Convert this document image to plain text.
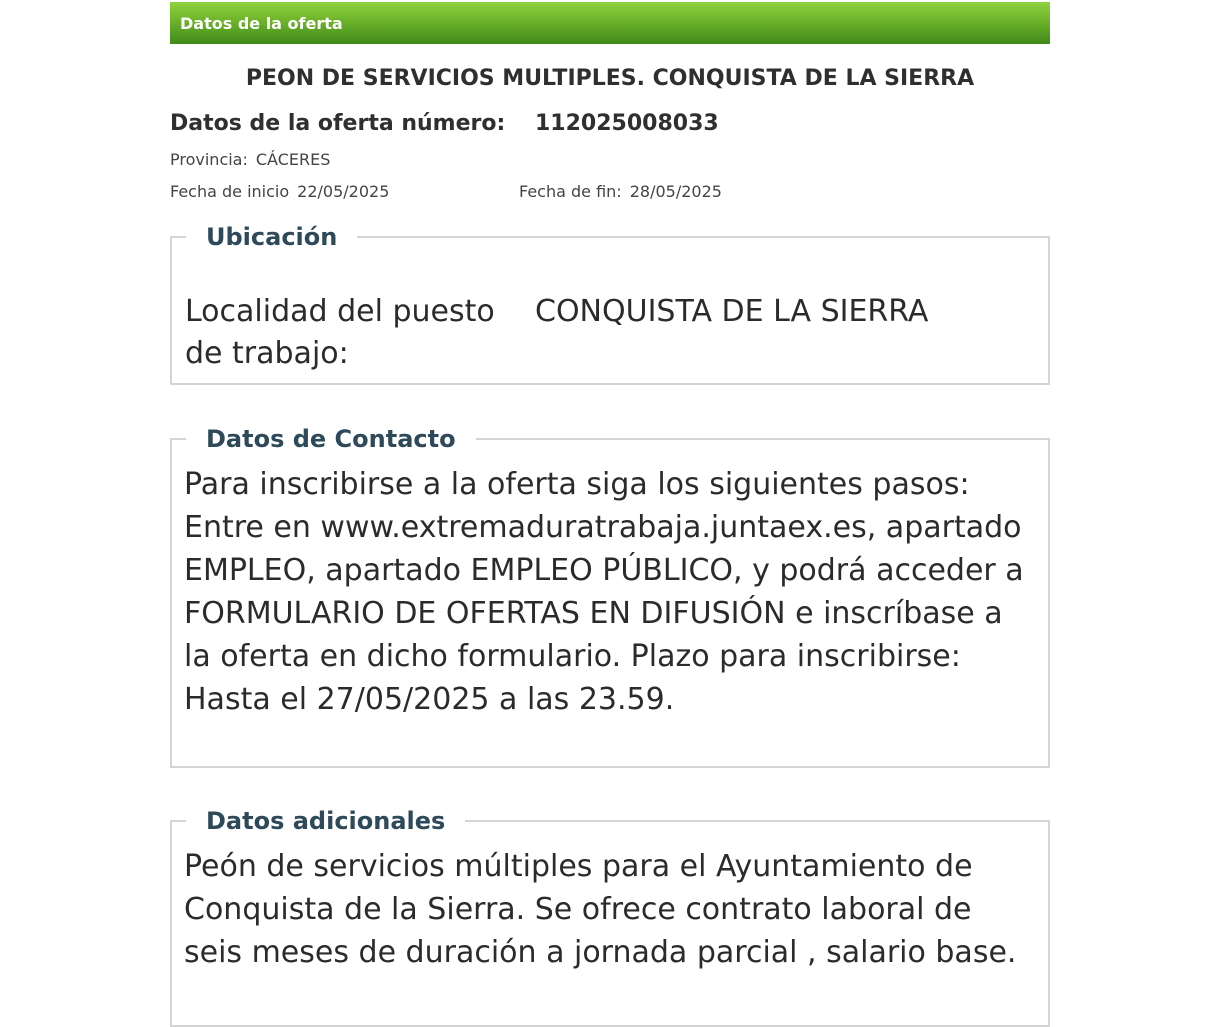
Datos de la oferta
PEON DE SERVICIOS MULTIPLES. CONQUISTA DE LA SIERRA
Datos de la oferta número: 112025008033
Provincia: CÁCERES
Fecha de inicio 22/05/2025	Fecha de fin: 28/05/2025
Ubicación
Localidad del puesto de trabajo:
CONQUISTA DE LA SIERRA
Datos de Contacto

Para inscribirse a la oferta siga los siguientes pasos: Entre en www.extremaduratrabaja.juntaex.es, apartado EMPLEO, apartado EMPLEO PÚBLICO, y podrá acceder a FORMULARIO DE OFERTAS EN DIFUSIÓN e inscríbase a la oferta en dicho formulario. Plazo para inscribirse: Hasta el 27/05/2025 a las 23.59.

Datos adicionales

Peón de servicios múltiples para el Ayuntamiento de Conquista de la Sierra. Se ofrece contrato laboral de seis meses de duración a jornada parcial , salario base.
